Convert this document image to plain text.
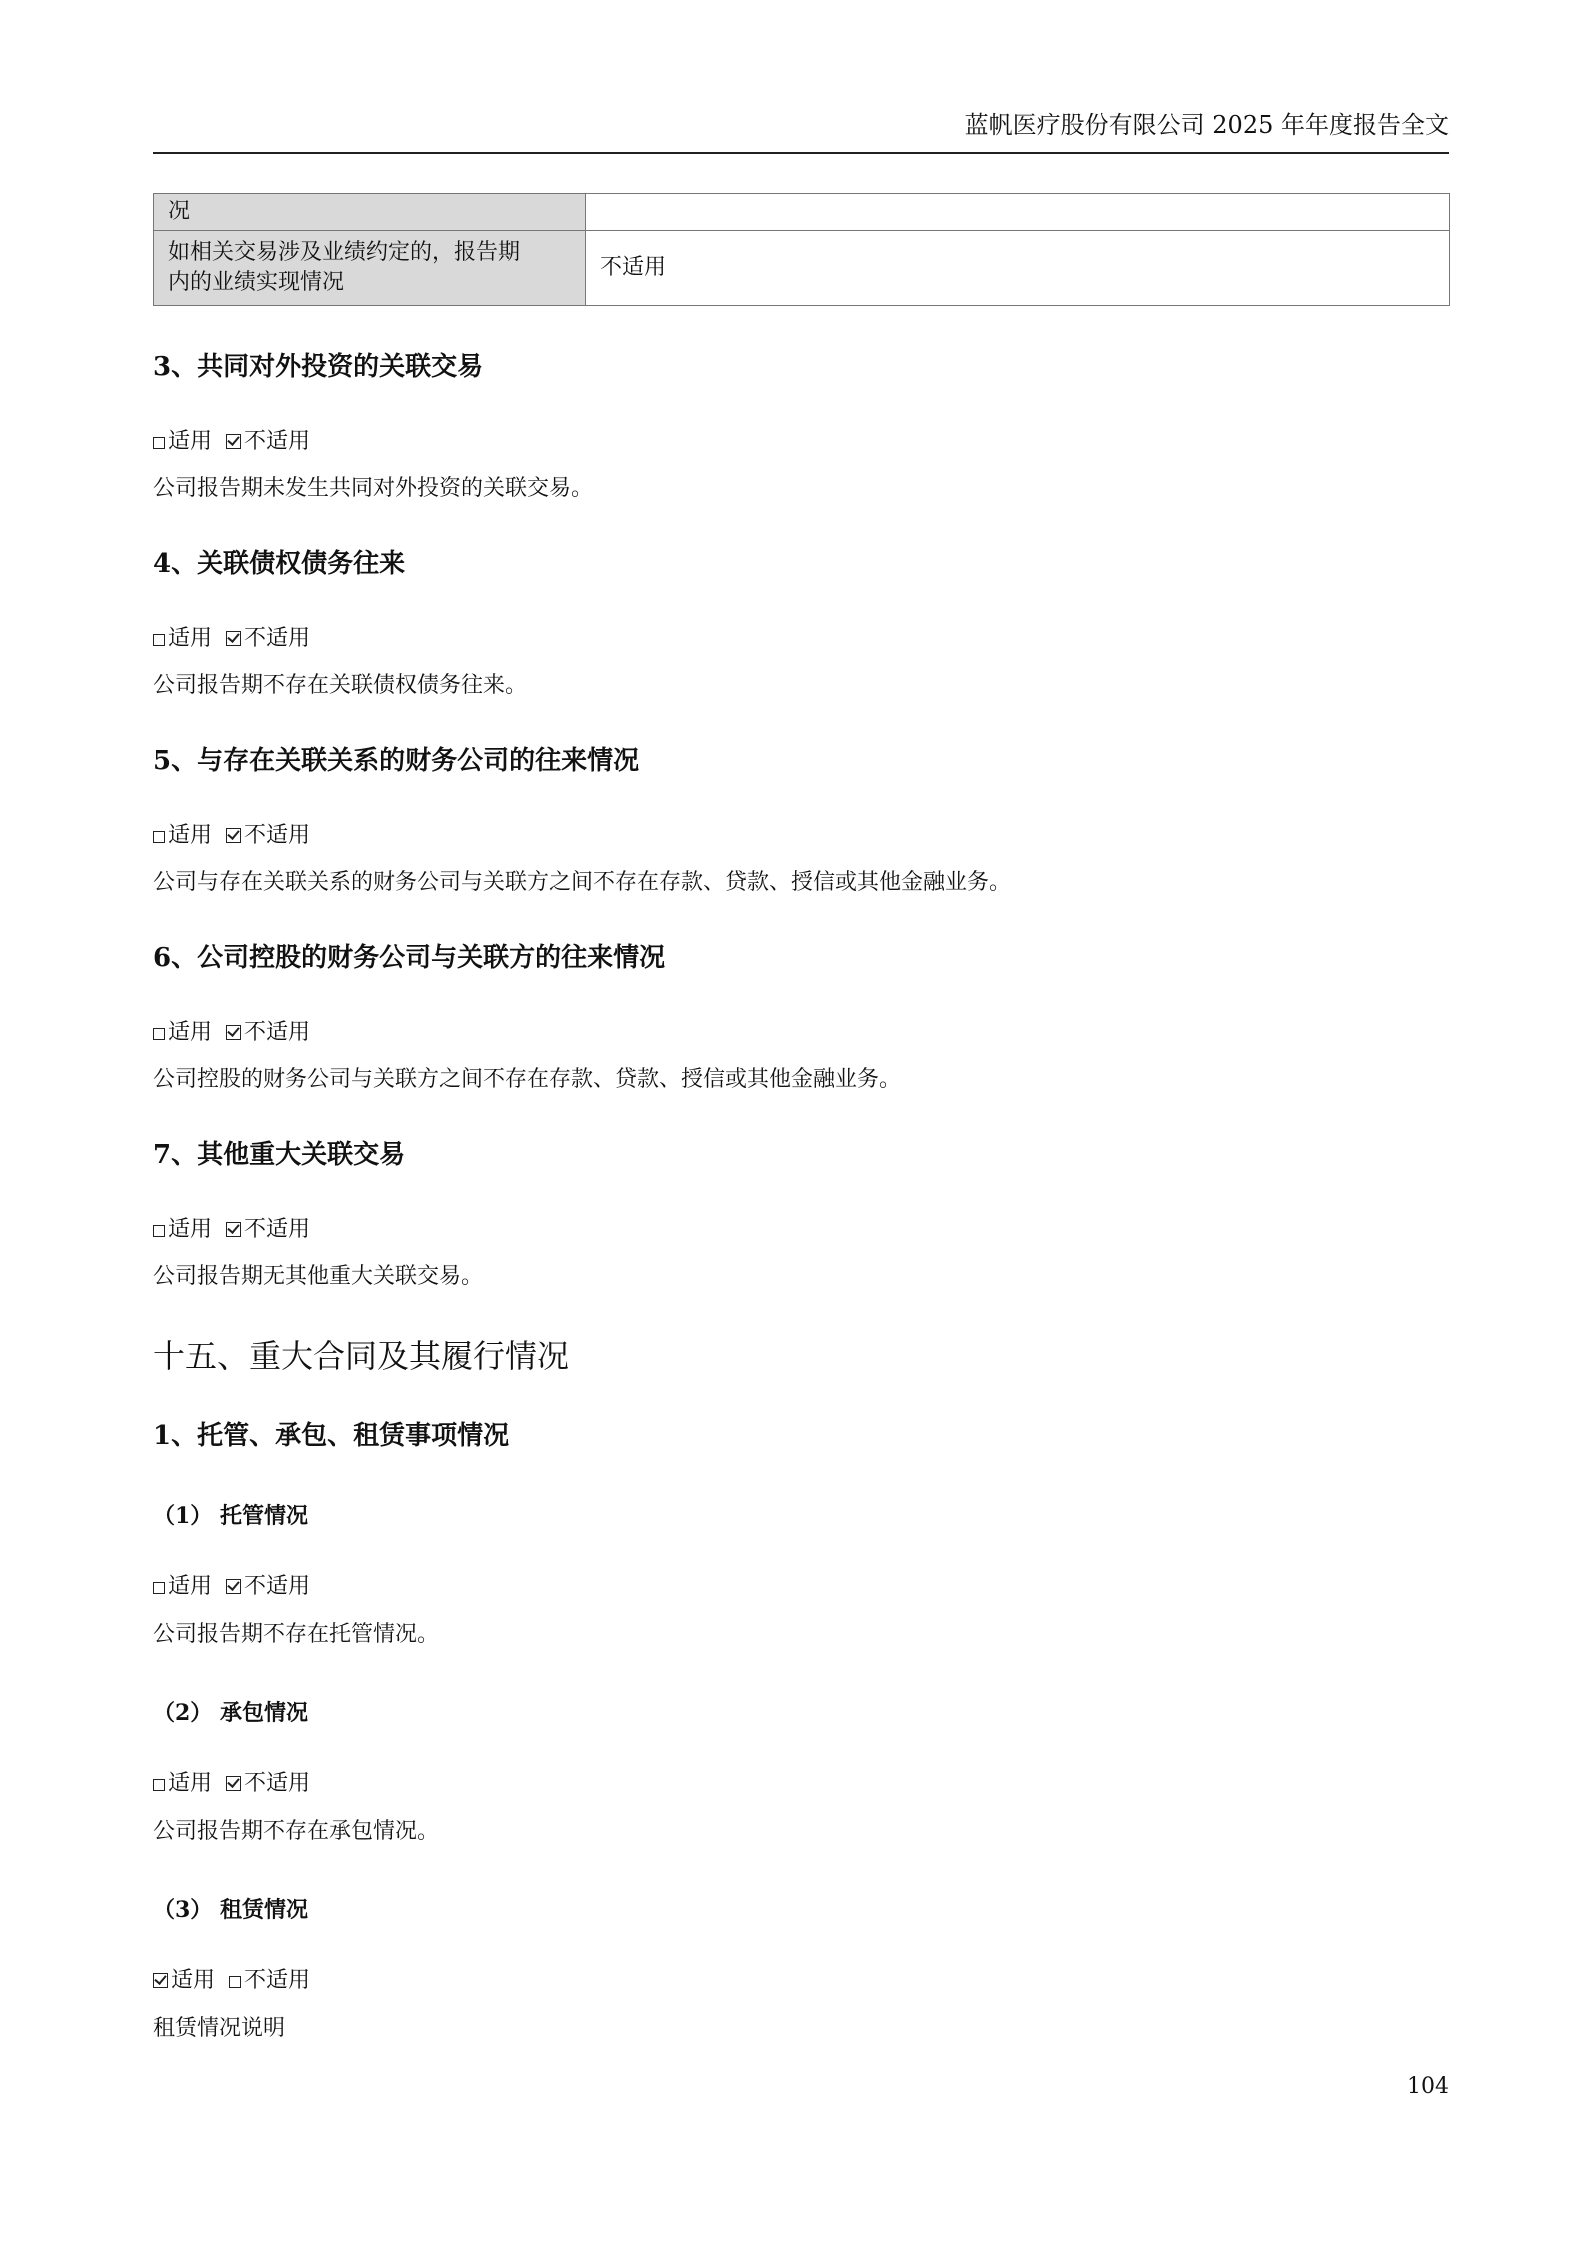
蓝帆医疗股份有限公司 2025 年年度报告全文
况	

如相关交易涉及业绩约定的，报告期
内的业绩实现情况	不适用
3、共同对外投资的关联交易
适用 不适用
公司报告期未发生共同对外投资的关联交易。
4、关联债权债务往来
适用 不适用
公司报告期不存在关联债权债务往来。
5、与存在关联关系的财务公司的往来情况
适用 不适用
公司与存在关联关系的财务公司与关联方之间不存在存款、贷款、授信或其他金融业务。
6、公司控股的财务公司与关联方的往来情况
适用 不适用
公司控股的财务公司与关联方之间不存在存款、贷款、授信或其他金融业务。
7、其他重大关联交易
适用 不适用
公司报告期无其他重大关联交易。
十五、重大合同及其履行情况
1、托管、承包、租赁事项情况
（1） 托管情况
适用 不适用
公司报告期不存在托管情况。
（2） 承包情况
适用 不适用
公司报告期不存在承包情况。
（3） 租赁情况
适用 不适用
租赁情况说明
104
